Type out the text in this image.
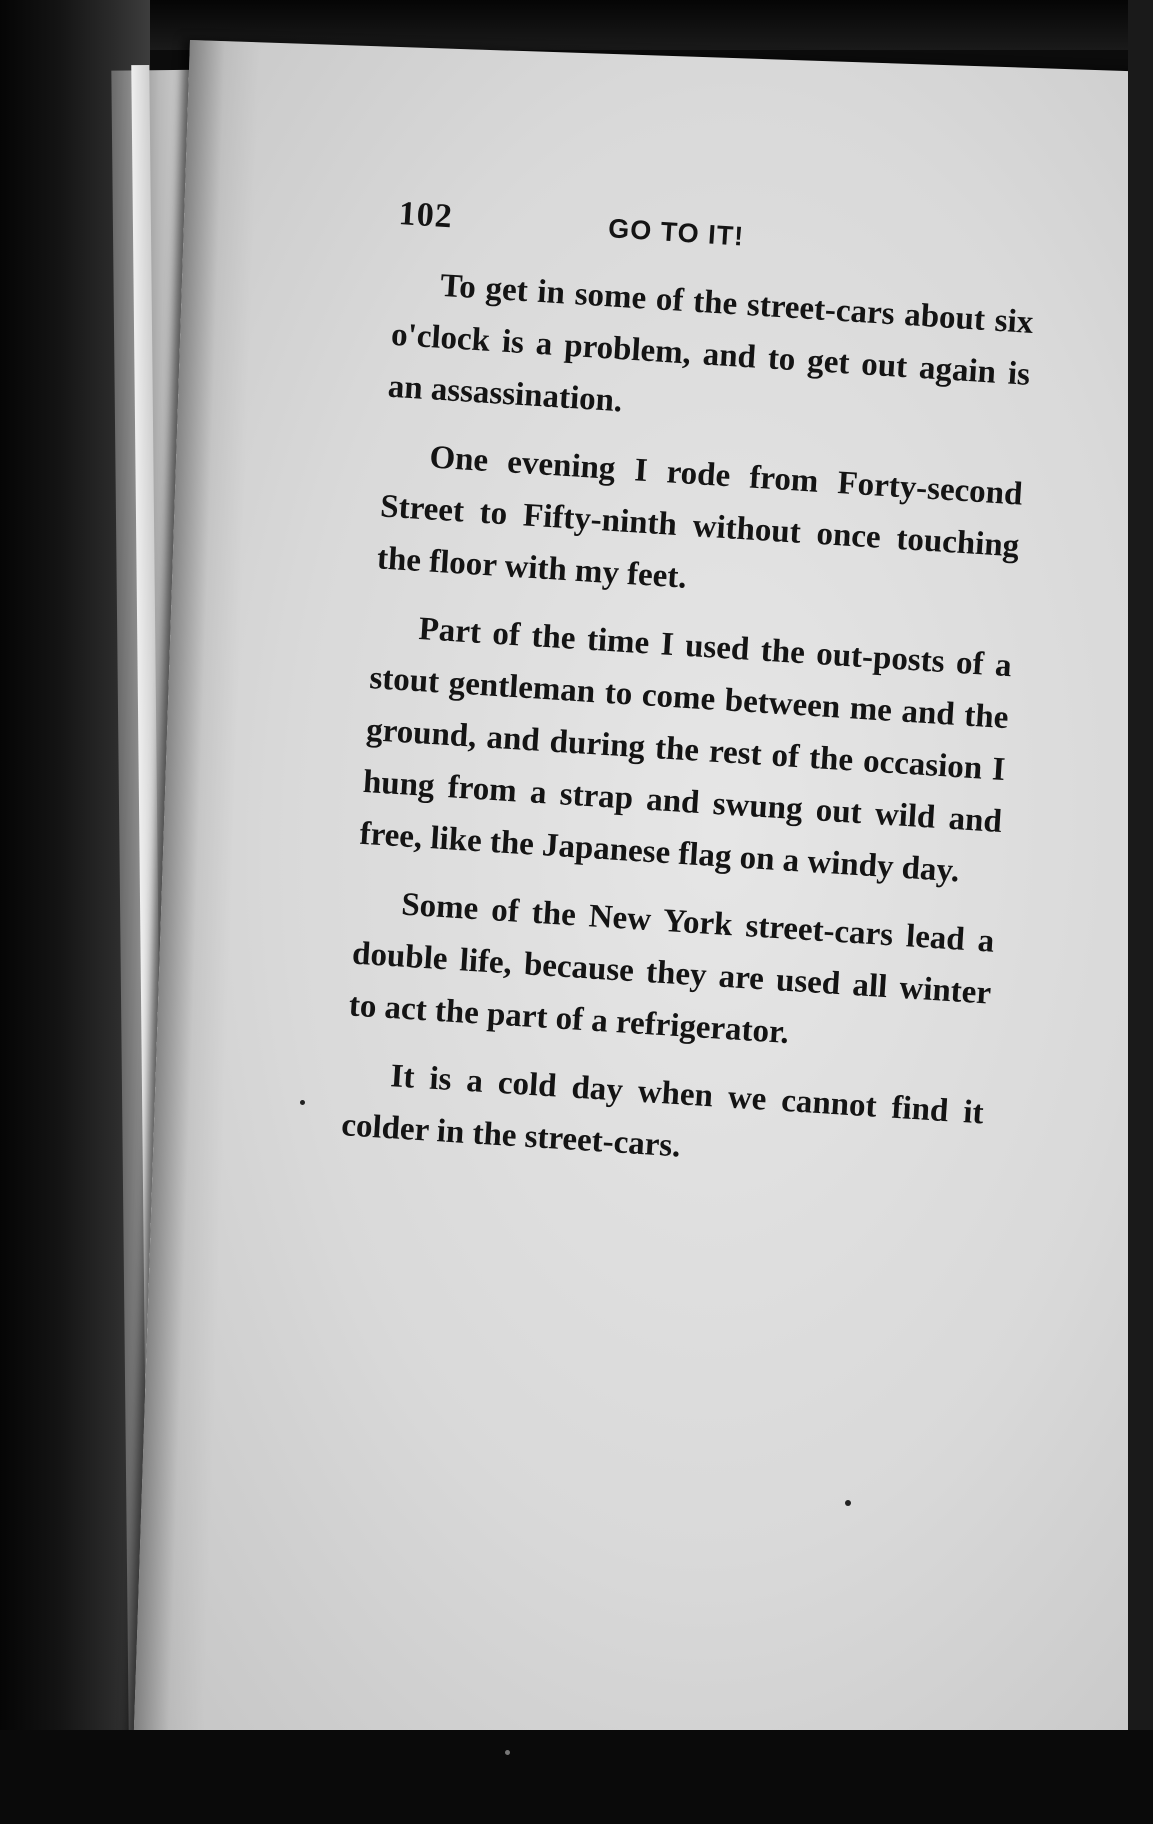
102	GO TO IT!

To get in some of the street-cars about six o'clock is a problem, and to get out again is an assassination.

One evening I rode from Forty-second Street to Fifty-ninth without once touching the floor with my feet.

Part of the time I used the out-posts of a stout gentleman to come between me and the ground, and during the rest of the occasion I hung from a strap and swung out wild and free, like the Japanese flag on a windy day.

Some of the New York street-cars lead a double life, because they are used all winter to act the part of a refrigerator.

It is a cold day when we cannot find it colder in the street-cars.
